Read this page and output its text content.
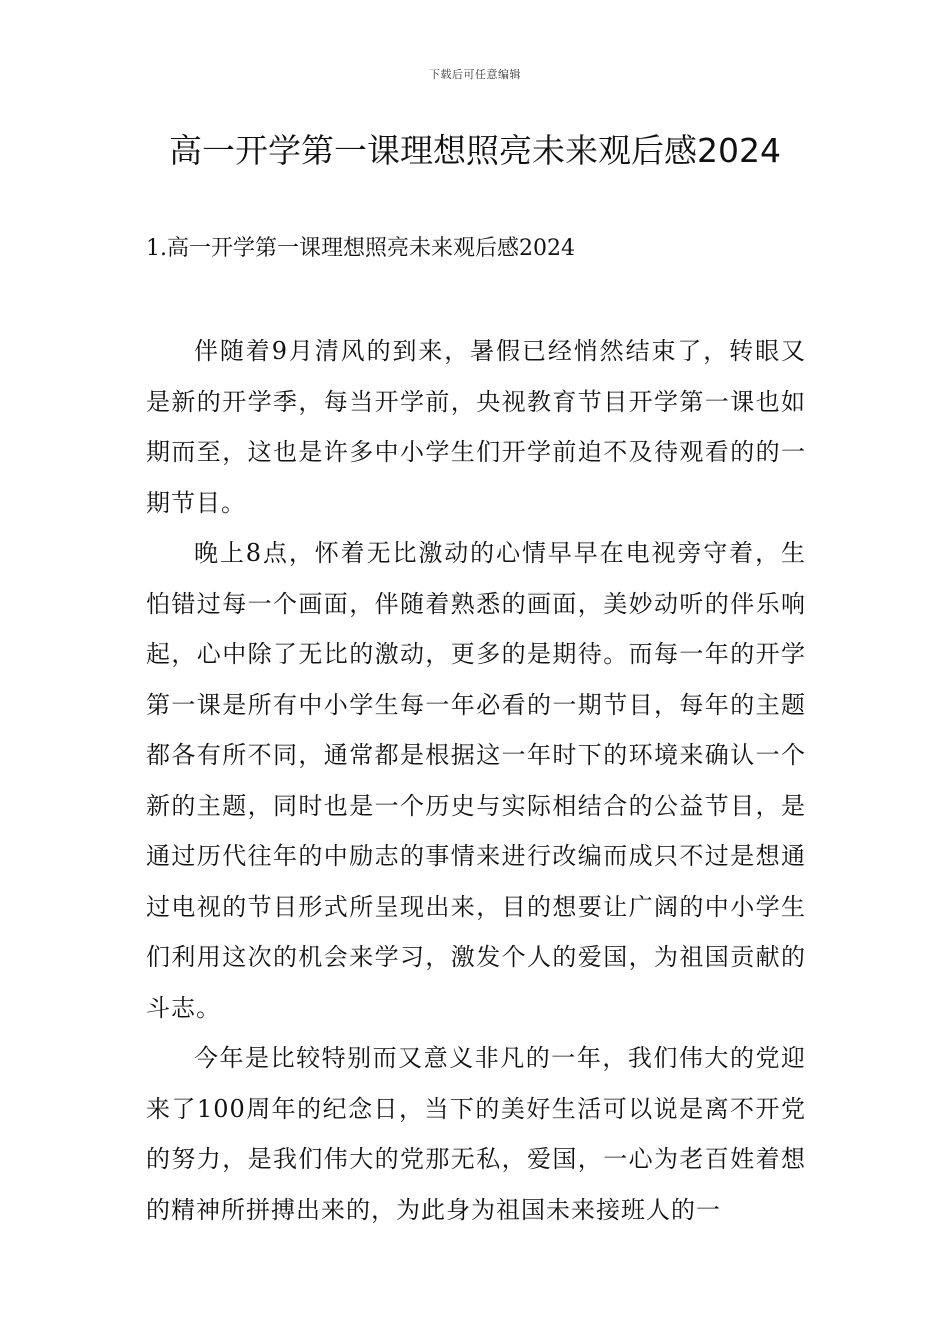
下载后可任意编辑
高一开学第一课理想照亮未来观后感2024
1.高一开学第一课理想照亮未来观后感2024

伴随着9月清风的到来，暑假已经悄然结束了，转眼又是新的开学季，每当开学前，央视教育节目开学第一课也如期而至，这也是许多中小学生们开学前迫不及待观看的的一期节目。

晚上8点，怀着无比激动的心情早早在电视旁守着，生怕错过每一个画面，伴随着熟悉的画面，美妙动听的伴乐响起，心中除了无比的激动，更多的是期待。而每一年的开学第一课是所有中小学生每一年必看的一期节目，每年的主题都各有所不同，通常都是根据这一年时下的环境来确认一个新的主题，同时也是一个历史与实际相结合的公益节目，是通过历代往年的中励志的事情来进行改编而成只不过是想通过电视的节目形式所呈现出来，目的想要让广阔的中小学生们利用这次的机会来学习，激发个人的爱国，为祖国贡献的斗志。

今年是比较特别而又意义非凡的一年，我们伟大的党迎来了100周年的纪念日，当下的美好生活可以说是离不开党的努力，是我们伟大的党那无私，爱国，一心为老百姓着想的精神所拼搏出来的，为此身为祖国未来接班人的一
